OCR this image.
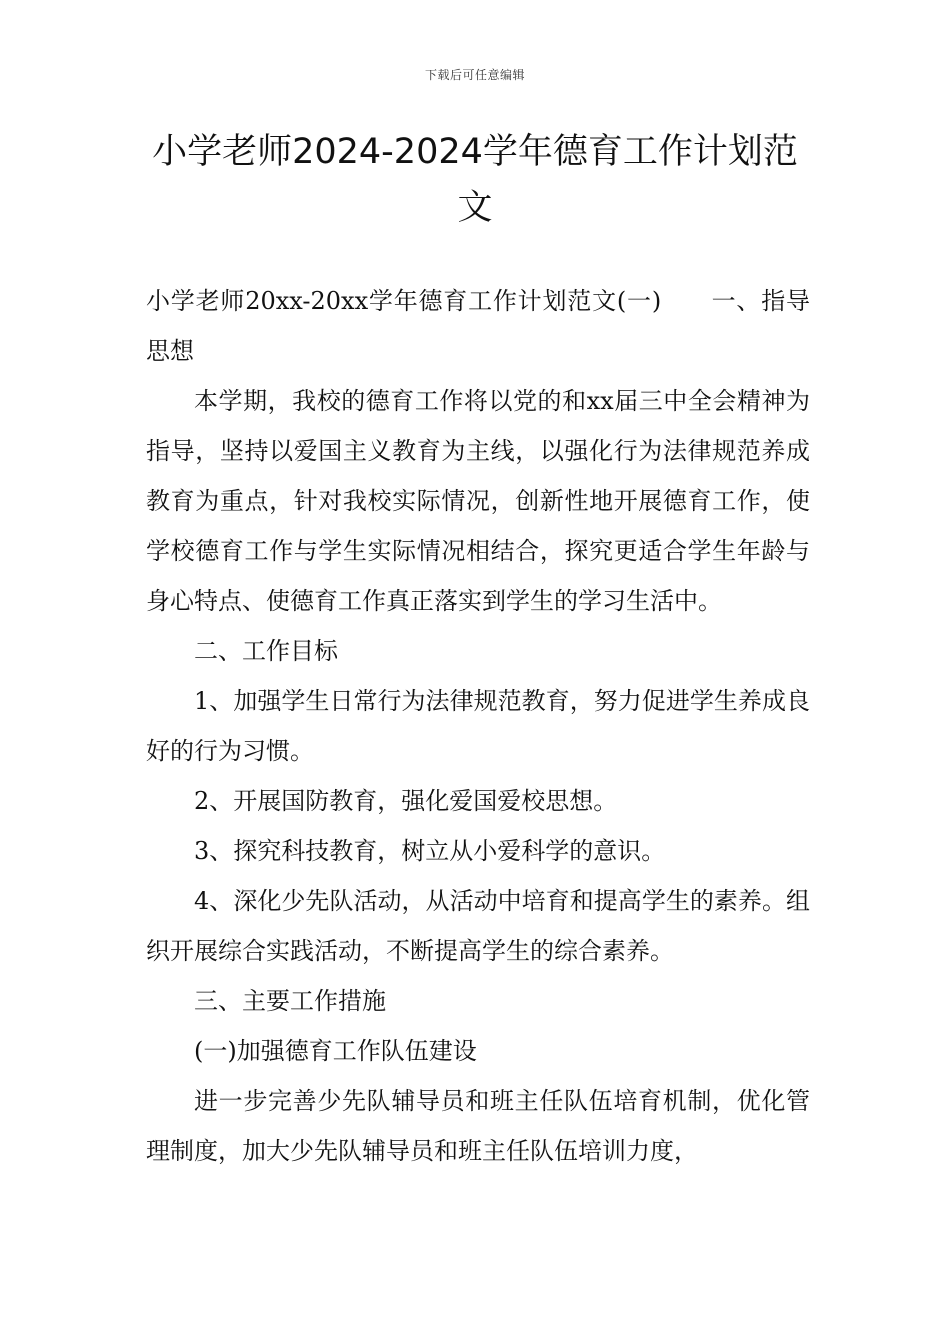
下载后可任意编辑
小学老师2024-2024学年德育工作计划范文

小学老师20xx-20xx学年德育工作计划范文(一)　　一、指导思想

本学期，我校的德育工作将以党的和xx届三中全会精神为指导，坚持以爱国主义教育为主线，以强化行为法律规范养成教育为重点，针对我校实际情况，创新性地开展德育工作，使学校德育工作与学生实际情况相结合，探究更适合学生年龄与身心特点、使德育工作真正落实到学生的学习生活中。

二、工作目标

1、加强学生日常行为法律规范教育，努力促进学生养成良好的行为习惯。

2、开展国防教育，强化爱国爱校思想。

3、探究科技教育，树立从小爱科学的意识。

4、深化少先队活动，从活动中培育和提高学生的素养。组织开展综合实践活动，不断提高学生的综合素养。

三、主要工作措施

(一)加强德育工作队伍建设

进一步完善少先队辅导员和班主任队伍培育机制，优化管理制度，加大少先队辅导员和班主任队伍培训力度，
